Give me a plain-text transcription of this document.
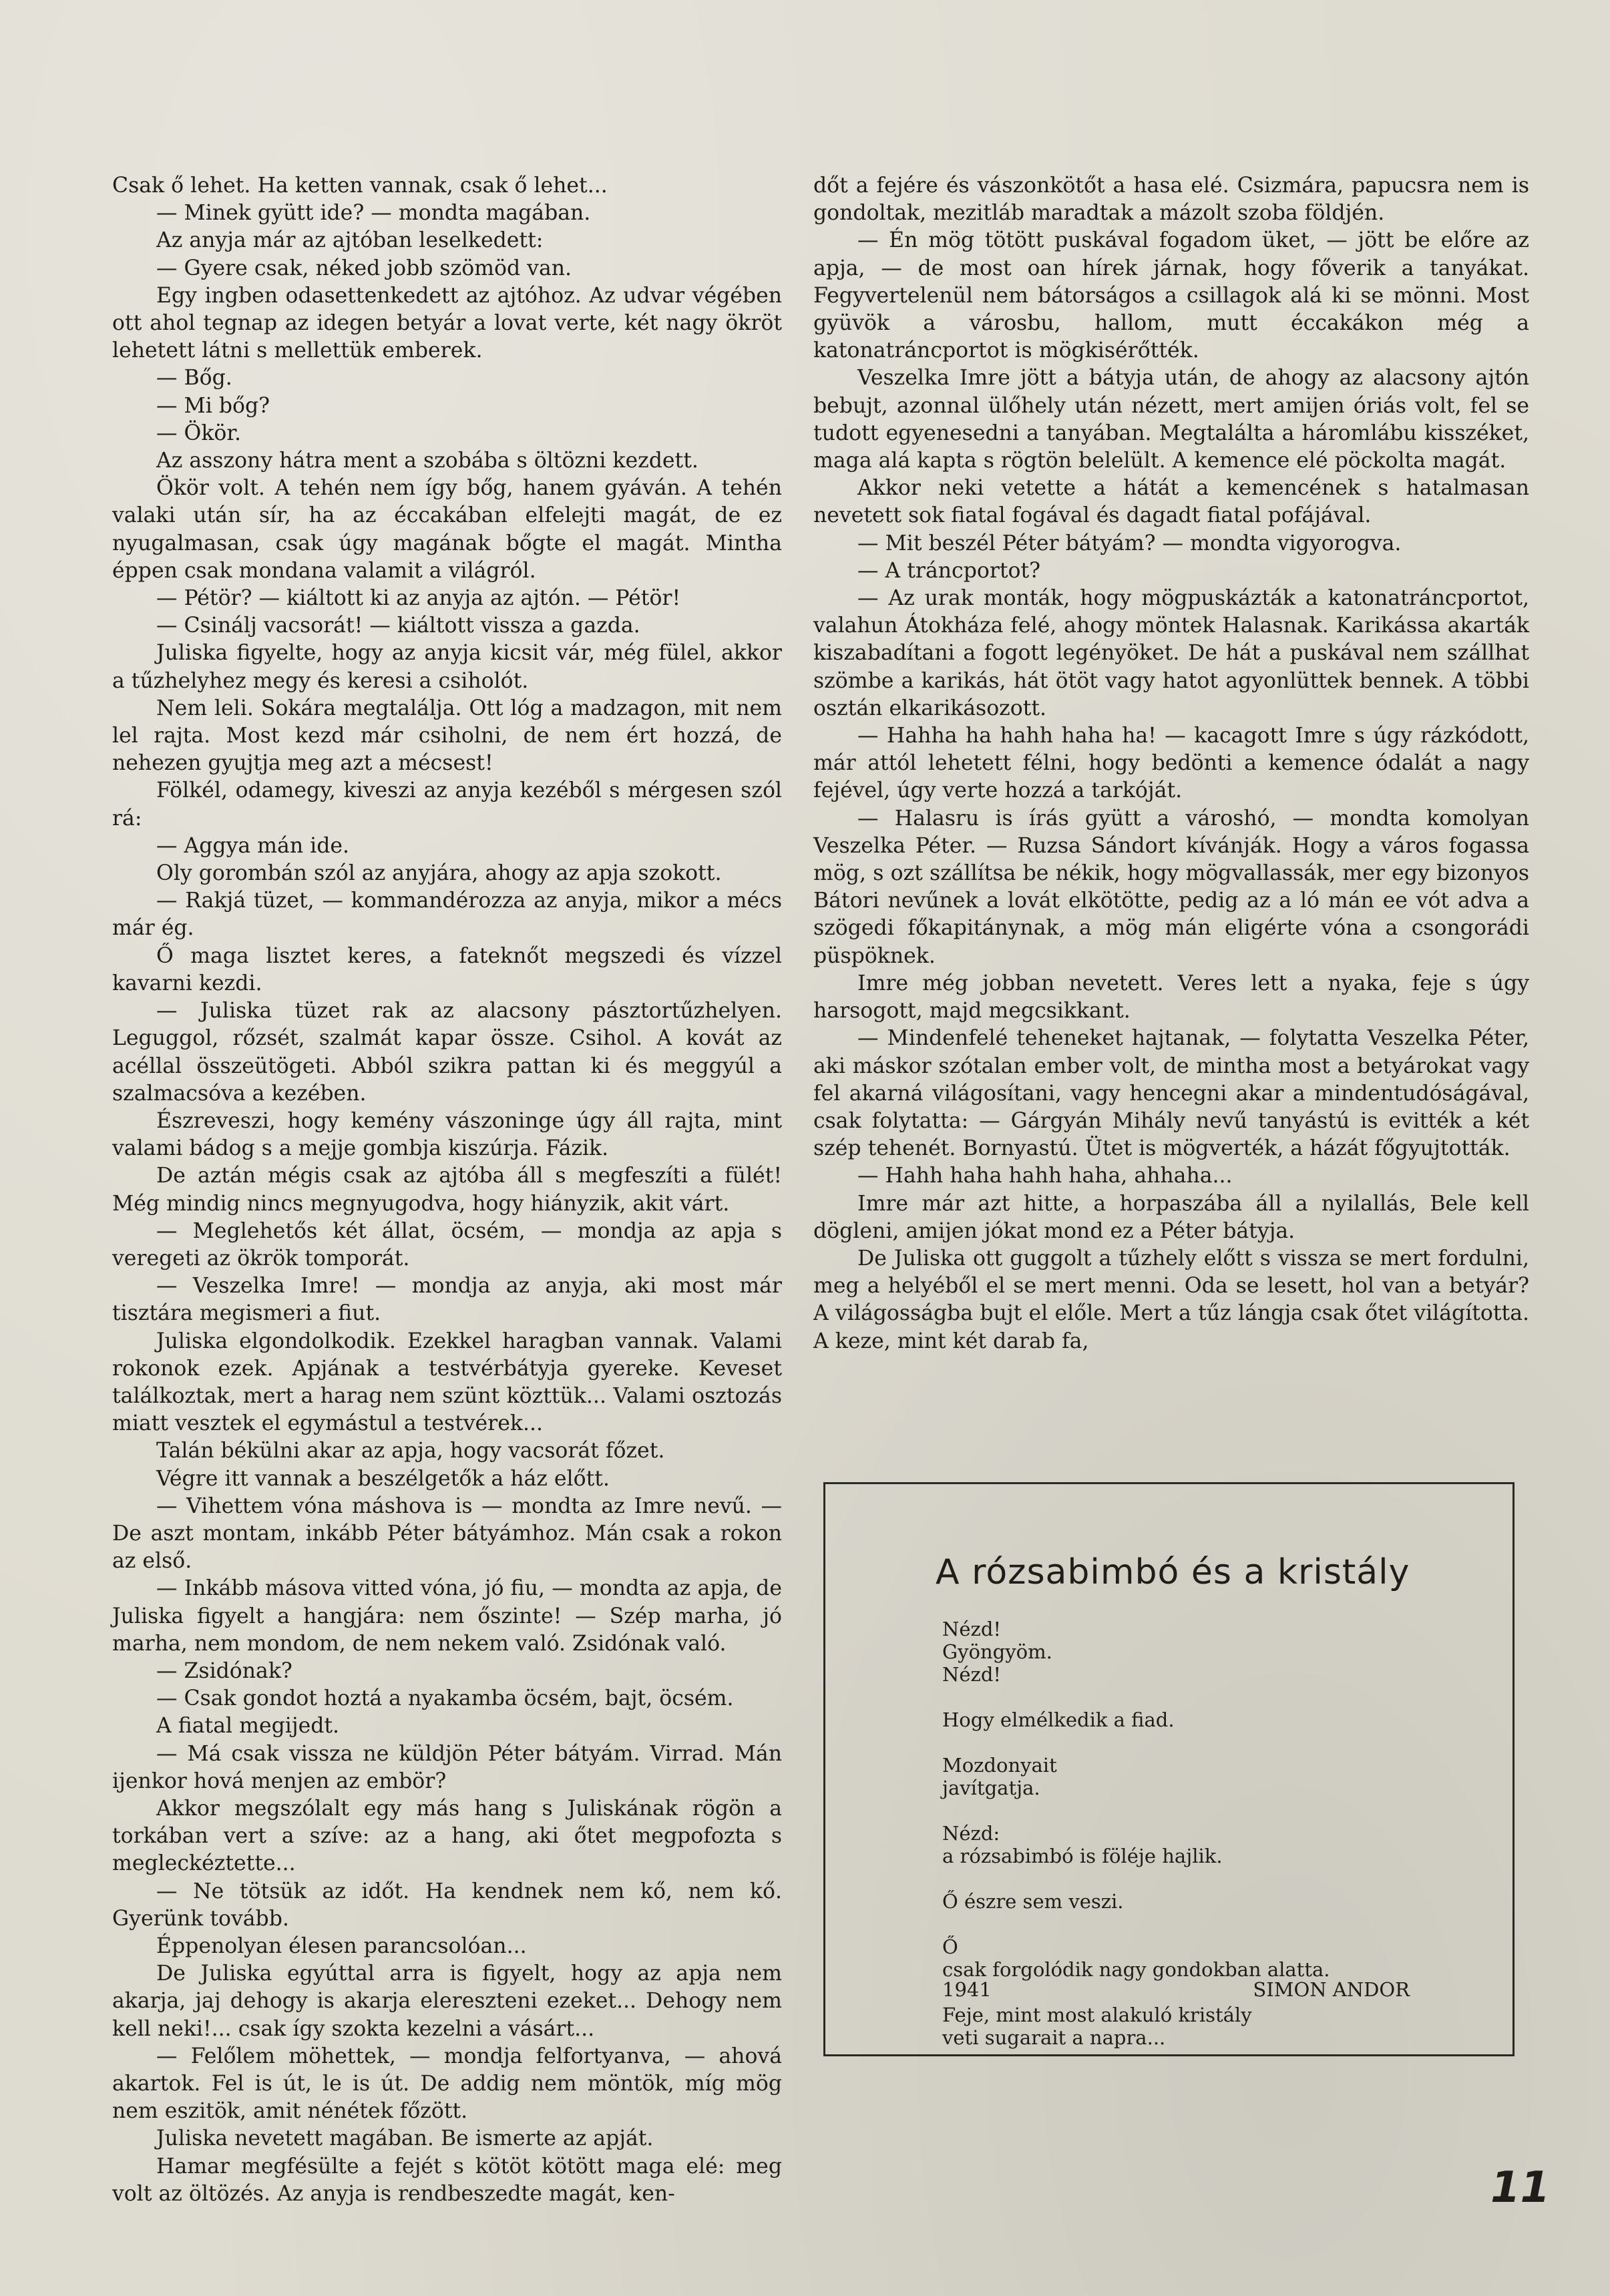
Csak ő lehet. Ha ketten vannak, csak ő lehet...

— Minek gyütt ide? — mondta magában.

Az anyja már az ajtóban leselkedett:

— Gyere csak, néked jobb szömöd van.

Egy ingben odasettenkedett az ajtóhoz. Az udvar végében ott ahol tegnap az idegen betyár a lovat verte, két nagy ökröt lehetett látni s mellettük emberek.

— Bőg.

— Mi bőg?

— Ökör.

Az asszony hátra ment a szobába s öltözni kezdett.

Ökör volt. A tehén nem így bőg, hanem gyáván. A tehén valaki után sír, ha az éccakában elfelejti magát, de ez nyugalmasan, csak úgy magának bőgte el magát. Mintha éppen csak mondana valamit a világról.

— Pétör? — kiáltott ki az anyja az ajtón. — Pétör!

— Csinálj vacsorát! — kiáltott vissza a gazda.

Juliska figyelte, hogy az anyja kicsit vár, még fülel, akkor a tűzhelyhez megy és keresi a csiholót.

Nem leli. Sokára megtalálja. Ott lóg a madzagon, mit nem lel rajta. Most kezd már csiholni, de nem ért hozzá, de nehezen gyujtja meg azt a mécsest!

Fölkél, odamegy, kiveszi az anyja kezéből s mérgesen szól rá:

— Aggya mán ide.

Oly gorombán szól az anyjára, ahogy az apja szokott.

— Rakjá tüzet, — kommandérozza az anyja, mikor a mécs már ég.

Ő maga lisztet keres, a fateknőt megszedi és vízzel kavarni kezdi.

— Juliska tüzet rak az alacsony pásztortűzhelyen. Leguggol, rőzsét, szalmát kapar össze. Csihol. A kovát az acéllal összeütögeti. Abból szikra pattan ki és meggyúl a szalmacsóva a kezében.

Észreveszi, hogy kemény vászoninge úgy áll rajta, mint valami bádog s a mejje gombja kiszúrja. Fázik.

De aztán mégis csak az ajtóba áll s megfeszíti a fülét! Még mindig nincs megnyugodva, hogy hiányzik, akit várt.

— Meglehetős két állat, öcsém, — mondja az apja s veregeti az ökrök tomporát.

— Veszelka Imre! — mondja az anyja, aki most már tisztára megismeri a fiut.

Juliska elgondolkodik. Ezekkel haragban vannak. Valami rokonok ezek. Apjának a testvérbátyja gyereke. Keveset találkoztak, mert a harag nem szünt közttük... Valami osztozás miatt vesztek el egymástul a testvérek...

Talán békülni akar az apja, hogy vacsorát főzet.

Végre itt vannak a beszélgetők a ház előtt.

— Vihettem vóna máshova is — mondta az Imre nevű. — De aszt montam, inkább Péter bátyámhoz. Mán csak a rokon az első.

— Inkább másova vitted vóna, jó fiu, — mondta az apja, de Juliska figyelt a hangjára: nem őszinte! — Szép marha, jó marha, nem mondom, de nem nekem való. Zsidónak való.

— Zsidónak?

— Csak gondot hoztá a nyakamba öcsém, bajt, öcsém.

A fiatal megijedt.

— Má csak vissza ne küldjön Péter bátyám. Virrad. Mán ijenkor hová menjen az embör?

Akkor megszólalt egy más hang s Juliskának rögön a torkában vert a szíve: az a hang, aki őtet megpofozta s megleckéztette...

— Ne tötsük az időt. Ha kendnek nem kő, nem kő. Gyerünk tovább.

Éppenolyan élesen parancsolóan...

De Juliska egyúttal arra is figyelt, hogy az apja nem akarja, jaj dehogy is akarja elereszteni ezeket... Dehogy nem kell neki!... csak így szokta kezelni a vásárt...

— Felőlem möhettek, — mondja felfortyanva, — ahová akartok. Fel is út, le is út. De addig nem möntök, míg mög nem eszitök, amit nénétek főzött.

Juliska nevetett magában. Be ismerte az apját.

Hamar megfésülte a fejét s kötöt kötött maga elé: meg volt az öltözés. Az anyja is rendbeszedte magát, ken-

dőt a fejére és vászonkötőt a hasa elé. Csizmára, papucsra nem is gondoltak, mezitláb maradtak a mázolt szoba földjén.

— Én mög tötött puskával fogadom üket, — jött be előre az apja, — de most oan hírek járnak, hogy főverik a tanyákat. Fegyvertelenül nem bátorságos a csillagok alá ki se mönni. Most gyüvök a városbu, hallom, mutt éccakákon még a katonatráncportot is mögkisérőtték.

Veszelka Imre jött a bátyja után, de ahogy az alacsony ajtón bebujt, azonnal ülőhely után nézett, mert amijen óriás volt, fel se tudott egyenesedni a tanyában. Megtalálta a háromlábu kisszéket, maga alá kapta s rögtön belelült. A kemence elé pöckolta magát.

Akkor neki vetette a hátát a kemencének s hatalmasan nevetett sok fiatal fogával és dagadt fiatal pofájával.

— Mit beszél Péter bátyám? — mondta vigyorogva.

— A tráncportot?

— Az urak monták, hogy mögpuskázták a katonatráncportot, valahun Átokháza felé, ahogy möntek Halasnak. Karikássa akarták kiszabadítani a fogott legényöket. De hát a puskával nem szállhat szömbe a karikás, hát ötöt vagy hatot agyonlüttek bennek. A többi osztán elkarikásozott.

— Hahha ha hahh haha ha! — kacagott Imre s úgy rázkódott, már attól lehetett félni, hogy bedönti a kemence ódalát a nagy fejével, úgy verte hozzá a tarkóját.

— Halasru is írás gyütt a városhó, — mondta komolyan Veszelka Péter. — Ruzsa Sándort kívánják. Hogy a város fogassa mög, s ozt szállítsa be nékik, hogy mögvallassák, mer egy bizonyos Bátori nevűnek a lovát elkötötte, pedig az a ló mán ee vót adva a szögedi főkapitánynak, a mög mán eligérte vóna a csongorádi püspöknek.

Imre még jobban nevetett. Veres lett a nyaka, feje s úgy harsogott, majd megcsikkant.

— Mindenfelé teheneket hajtanak, — folytatta Veszelka Péter, aki máskor szótalan ember volt, de mintha most a betyárokat vagy fel akarná világosítani, vagy hencegni akar a mindentudóságával, csak folytatta: — Gárgyán Mihály nevű tanyástú is evitték a két szép tehenét. Bornyastú. Ütet is mögverték, a házát főgyujtották.

— Hahh haha hahh haha, ahhaha...

Imre már azt hitte, a horpaszába áll a nyilallás, Bele kell dögleni, amijen jókat mond ez a Péter bátyja.

De Juliska ott guggolt a tűzhely előtt s vissza se mert fordulni, meg a helyéből el se mert menni. Oda se lesett, hol van a betyár? A világosságba bujt el előle. Mert a tűz lángja csak őtet világította. A keze, mint két darab fa,

A rózsabimbó és a kristály
Nézd!
Gyöngyöm.
Nézd!
Hogy elmélkedik a fiad.
Mozdonyait
javítgatja.
Nézd:
a rózsabimbó is föléje hajlik.
Ő észre sem veszi.
Ő
csak forgolódik nagy gondokban alatta.
Feje, mint most alakuló kristály
veti sugarait a napra...
1941	SIMON ANDOR
11
